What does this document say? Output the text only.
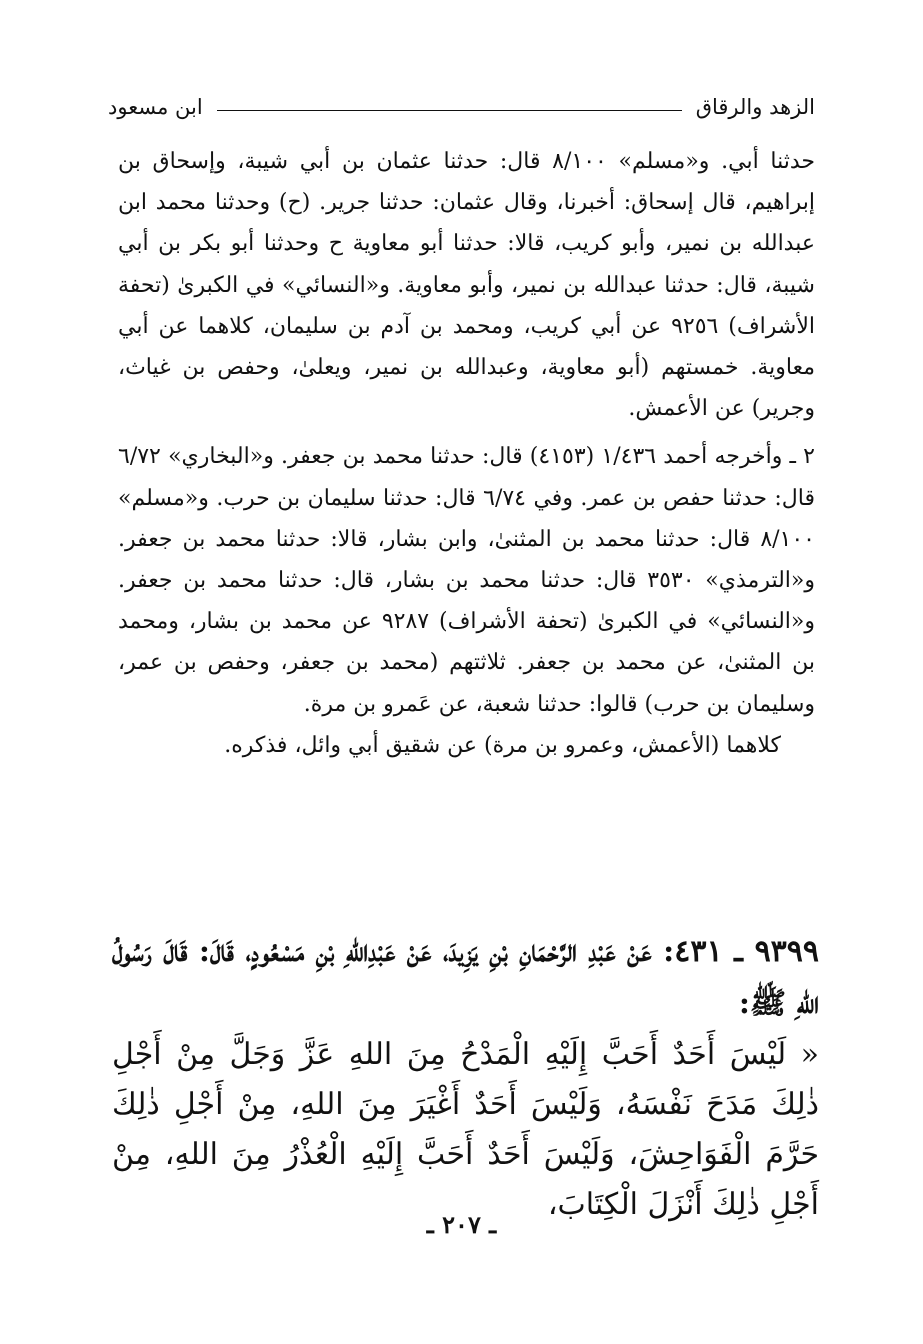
الزهد والرقاق
ابن مسعود

حدثنا أبي. و«مسلم» ٨/١٠٠ قال: حدثنا عثمان بن أبي شيبة، وإسحاق بن إبراهيم، قال إسحاق: أخبرنا، وقال عثمان: حدثنا جرير. (ح) وحدثنا محمد ابن عبدالله بن نمير، وأبو كريب، قالا: حدثنا أبو معاوية ح وحدثنا أبو بكر بن أبي شيبة، قال: حدثنا عبدالله بن نمير، وأبو معاوية. و«النسائي» في الكبرىٰ (تحفة الأشراف) ٩٢٥٦ عن أبي كريب، ومحمد بن آدم بن سليمان، كلاهما عن أبي معاوية. خمستهم (أبو معاوية، وعبدالله بن نمير، ويعلىٰ، وحفص بن غياث، وجرير) عن الأعمش.

٢ ـ وأخرجه أحمد ١/٤٣٦ (٤١٥٣) قال: حدثنا محمد بن جعفر. و«البخاري» ٦/٧٢ قال: حدثنا حفص بن عمر. وفي ٦/٧٤ قال: حدثنا سليمان بن حرب. و«مسلم» ٨/١٠٠ قال: حدثنا محمد بن المثنىٰ، وابن بشار، قالا: حدثنا محمد بن جعفر. و«الترمذي» ٣٥٣٠ قال: حدثنا محمد بن بشار، قال: حدثنا محمد بن جعفر. و«النسائي» في الكبرىٰ (تحفة الأشراف) ٩٢٨٧ عن محمد بن بشار، ومحمد بن المثنىٰ، عن محمد بن جعفر. ثلاثتهم (محمد بن جعفر، وحفص بن عمر، وسليمان بن حرب) قالوا: حدثنا شعبة، عن عَمرو بن مرة.

كلاهما (الأعمش، وعمرو بن مرة) عن شقيق أبي وائل، فذكره.

٩٣٩٩ ـ ٤٣١: عَنْ عَبْدِ الرَّحْمَانِ بْنِ يَزِيدَ، عَنْ عَبْدِاللهِ بْنِ مَسْعُودٍ، قَالَ: قَالَ رَسُولُ اللهِ ﷺ:

« لَيْسَ أَحَدٌ أَحَبَّ إِلَيْهِ الْمَدْحُ مِنَ اللهِ عَزَّ وَجَلَّ مِنْ أَجْلِ ذٰلِكَ مَدَحَ نَفْسَهُ، وَلَيْسَ أَحَدٌ أَغْيَرَ مِنَ اللهِ، مِنْ أَجْلِ ذٰلِكَ حَرَّمَ الْفَوَاحِشَ، وَلَيْسَ أَحَدٌ أَحَبَّ إِلَيْهِ الْعُذْرُ مِنَ اللهِ، مِنْ أَجْلِ ذٰلِكَ أَنْزَلَ الْكِتَابَ،

ـ ٢٠٧ ـ
